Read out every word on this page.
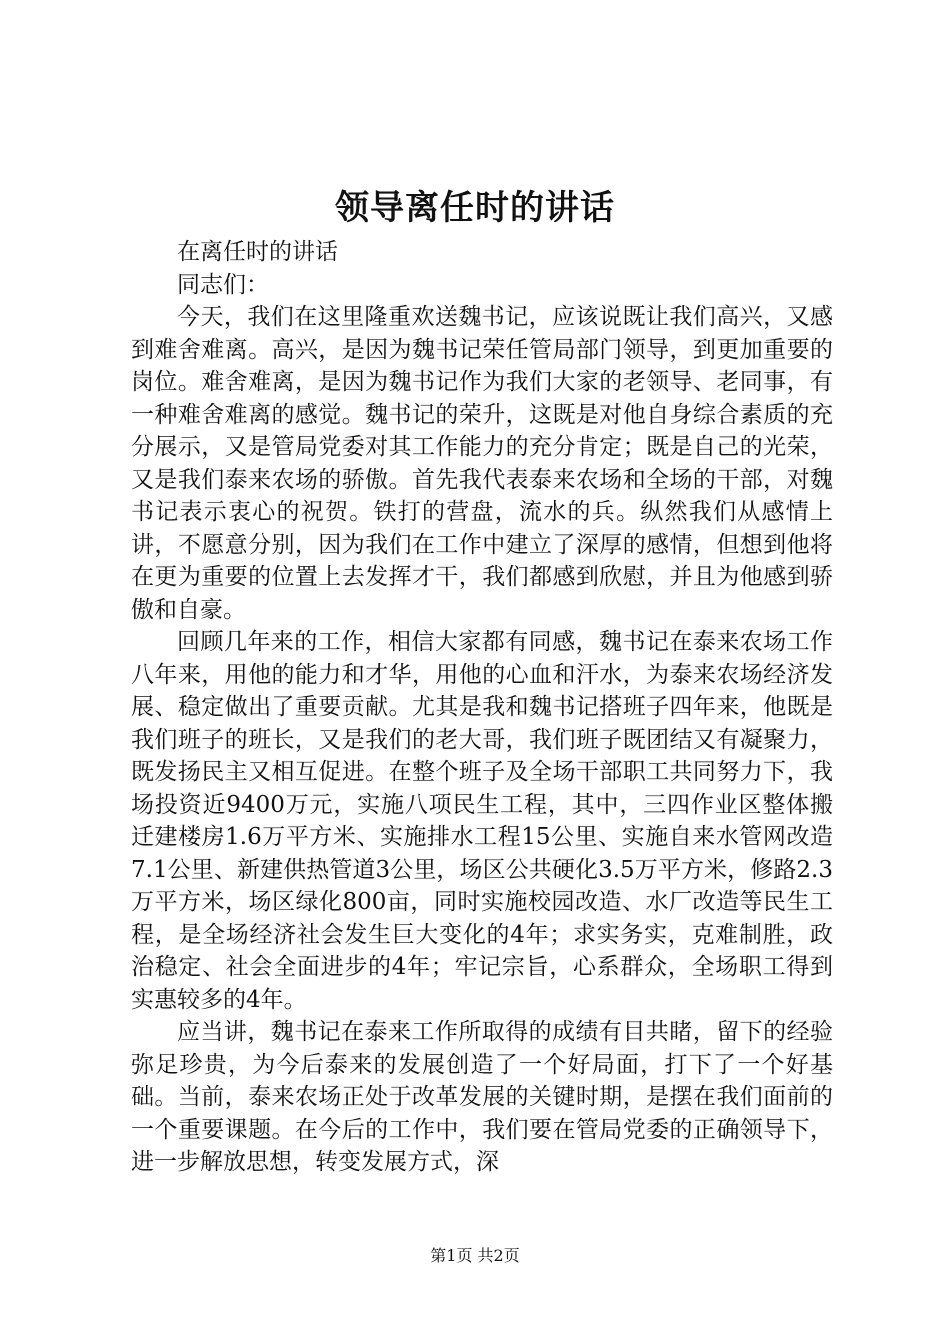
领导离任时的讲话

在离任时的讲话

同志们：

今天，我们在这里隆重欢送魏书记，应该说既让我们高兴，又感到难舍难离。高兴，是因为魏书记荣任管局部门领导，到更加重要的岗位。难舍难离，是因为魏书记作为我们大家的老领导、老同事，有一种难舍难离的感觉。魏书记的荣升，这既是对他自身综合素质的充分展示，又是管局党委对其工作能力的充分肯定；既是自己的光荣，又是我们泰来农场的骄傲。首先我代表泰来农场和全场的干部，对魏书记表示衷心的祝贺。铁打的营盘，流水的兵。纵然我们从感情上讲，不愿意分别，因为我们在工作中建立了深厚的感情，但想到他将在更为重要的位置上去发挥才干，我们都感到欣慰，并且为他感到骄傲和自豪。

回顾几年来的工作，相信大家都有同感，魏书记在泰来农场工作八年来，用他的能力和才华，用他的心血和汗水，为泰来农场经济发展、稳定做出了重要贡献。尤其是我和魏书记搭班子四年来，他既是我们班子的班长，又是我们的老大哥，我们班子既团结又有凝聚力，既发扬民主又相互促进。在整个班子及全场干部职工共同努力下，我场投资近9400万元，实施八项民生工程，其中，三四作业区整体搬迁建楼房1.6万平方米、实施排水工程15公里、实施自来水管网改造7.1公里、新建供热管道3公里，场区公共硬化3.5万平方米，修路2.3万平方米，场区绿化800亩，同时实施校园改造、水厂改造等民生工程，是全场经济社会发生巨大变化的4年；求实务实，克难制胜，政治稳定、社会全面进步的4年；牢记宗旨，心系群众，全场职工得到实惠较多的4年。

应当讲，魏书记在泰来工作所取得的成绩有目共睹，留下的经验弥足珍贵，为今后泰来的发展创造了一个好局面，打下了一个好基础。当前，泰来农场正处于改革发展的关键时期，是摆在我们面前的一个重要课题。在今后的工作中，我们要在管局党委的正确领导下，进一步解放思想，转变发展方式，深

第1页 共2页
